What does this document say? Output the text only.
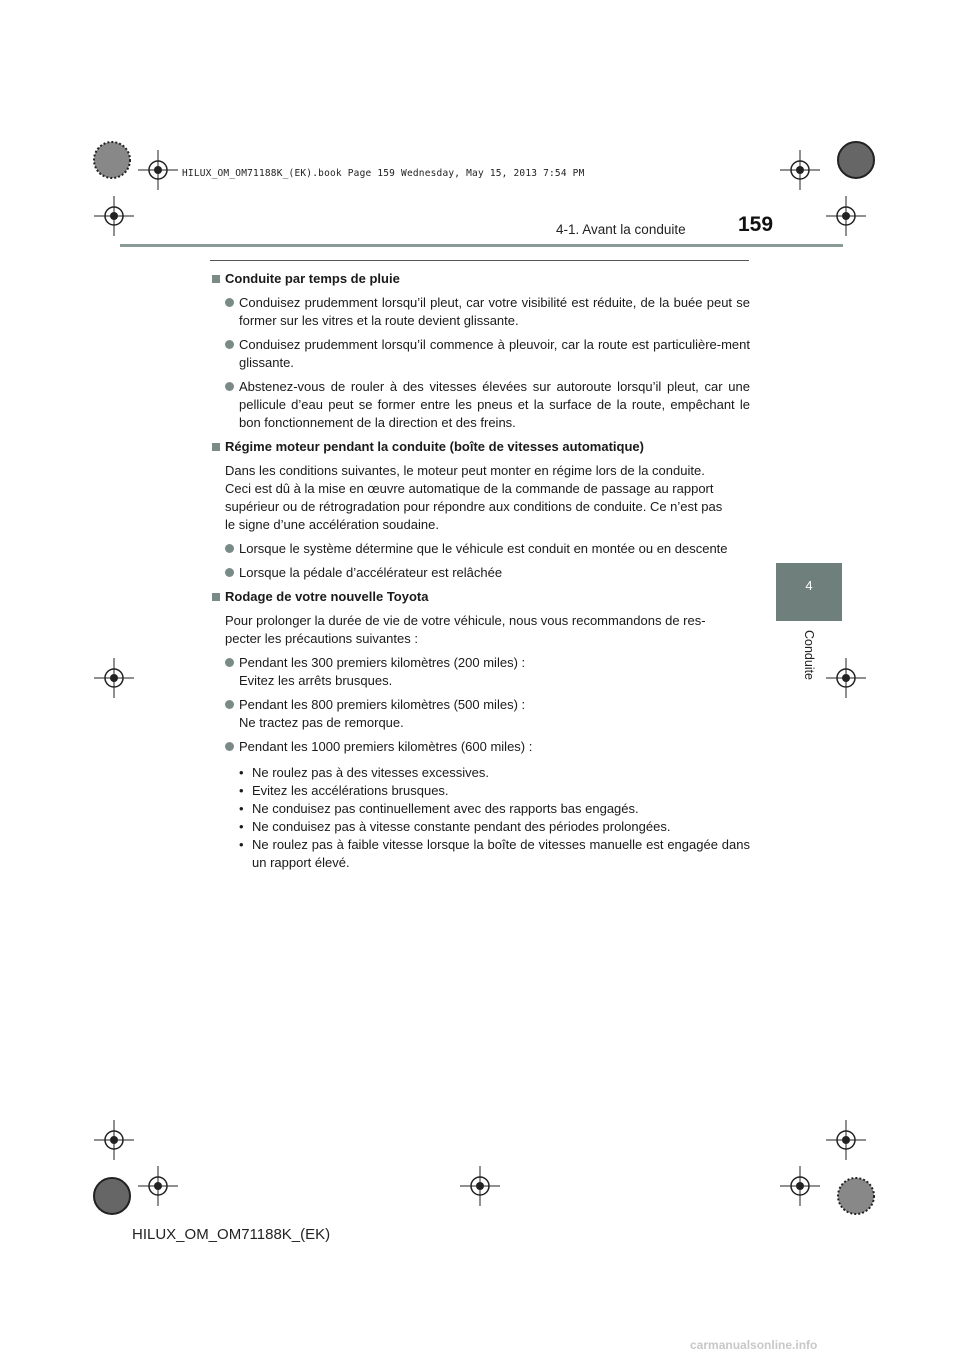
HILUX_OM_OM71188K_(EK).book Page 159 Wednesday, May 15, 2013 7:54 PM
4-1. Avant la conduite 159
4
Conduite
Conduite par temps de pluie
Conduisez prudemment lorsqu’il pleut, car votre visibilité est réduite, de la buée peut se former sur les vitres et la route devient glissante.
Conduisez prudemment lorsqu’il commence à pleuvoir, car la route est particulière-ment glissante.
Abstenez-vous de rouler à des vitesses élevées sur autoroute lorsqu’il pleut, car une pellicule d’eau peut se former entre les pneus et la surface de la route, empêchant le bon fonctionnement de la direction et des freins.
Régime moteur pendant la conduite (boîte de vitesses automatique)
Dans les conditions suivantes, le moteur peut monter en régime lors de la conduite.
Ceci est dû à la mise en œuvre automatique de la commande de passage au rapport
supérieur ou de rétrogradation pour répondre aux conditions de conduite. Ce n’est pas
le signe d’une accélération soudaine.
Lorsque le système détermine que le véhicule est conduit en montée ou en descente
Lorsque la pédale d’accélérateur est relâchée
Rodage de votre nouvelle Toyota
Pour prolonger la durée de vie de votre véhicule, nous vous recommandons de res-
pecter les précautions suivantes :
Pendant les 300 premiers kilomètres (200 miles) :
Evitez les arrêts brusques.
Pendant les 800 premiers kilomètres (500 miles) :
Ne tractez pas de remorque.
Pendant les 1000 premiers kilomètres (600 miles) :
• Ne roulez pas à des vitesses excessives.
• Evitez les accélérations brusques.
• Ne conduisez pas continuellement avec des rapports bas engagés.
• Ne conduisez pas à vitesse constante pendant des périodes prolongées.
• Ne roulez pas à faible vitesse lorsque la boîte de vitesses manuelle est engagée dans un rapport élevé.
HILUX_OM_OM71188K_(EK)
carmanualsonline.info
